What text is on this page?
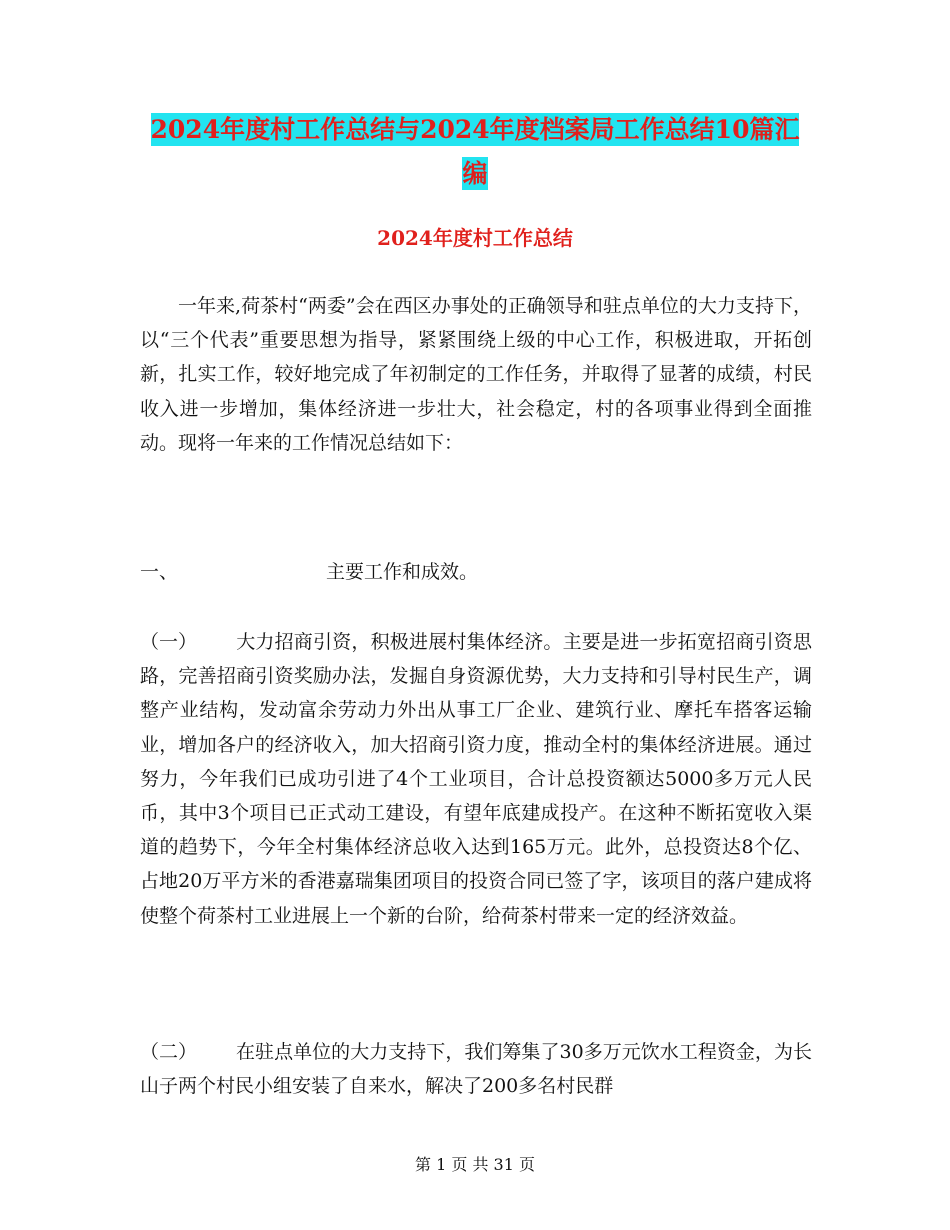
2024年度村工作总结与2024年度档案局工作总结10篇汇编
2024年度村工作总结
一年来,荷茶村“两委”会在西区办事处的正确领导和驻点单位的大力支持下，以“三个代表”重要思想为指导，紧紧围绕上级的中心工作，积极进取，开拓创新，扎实工作，较好地完成了年初制定的工作任务，并取得了显著的成绩，村民收入进一步增加，集体经济进一步壮大，社会稳定，村的各项事业得到全面推动。现将一年来的工作情况总结如下：
一、	主要工作和成效。
（一） 大力招商引资，积极进展村集体经济。主要是进一步拓宽招商引资思路，完善招商引资奖励办法，发掘自身资源优势，大力支持和引导村民生产，调整产业结构，发动富余劳动力外出从事工厂企业、建筑行业、摩托车搭客运输业，增加各户的经济收入，加大招商引资力度，推动全村的集体经济进展。通过努力，今年我们已成功引进了4个工业项目，合计总投资额达5000多万元人民币，其中3个项目已正式动工建设，有望年底建成投产。在这种不断拓宽收入渠道的趋势下，今年全村集体经济总收入达到165万元。此外，总投资达8个亿、占地20万平方米的香港嘉瑞集团项目的投资合同已签了字，该项目的落户建成将使整个荷茶村工业进展上一个新的台阶，给荷茶村带来一定的经济效益。
（二） 在驻点单位的大力支持下，我们筹集了30多万元饮水工程资金，为长山子两个村民小组安装了自来水，解决了200多名村民群
第 1 页 共 31 页
